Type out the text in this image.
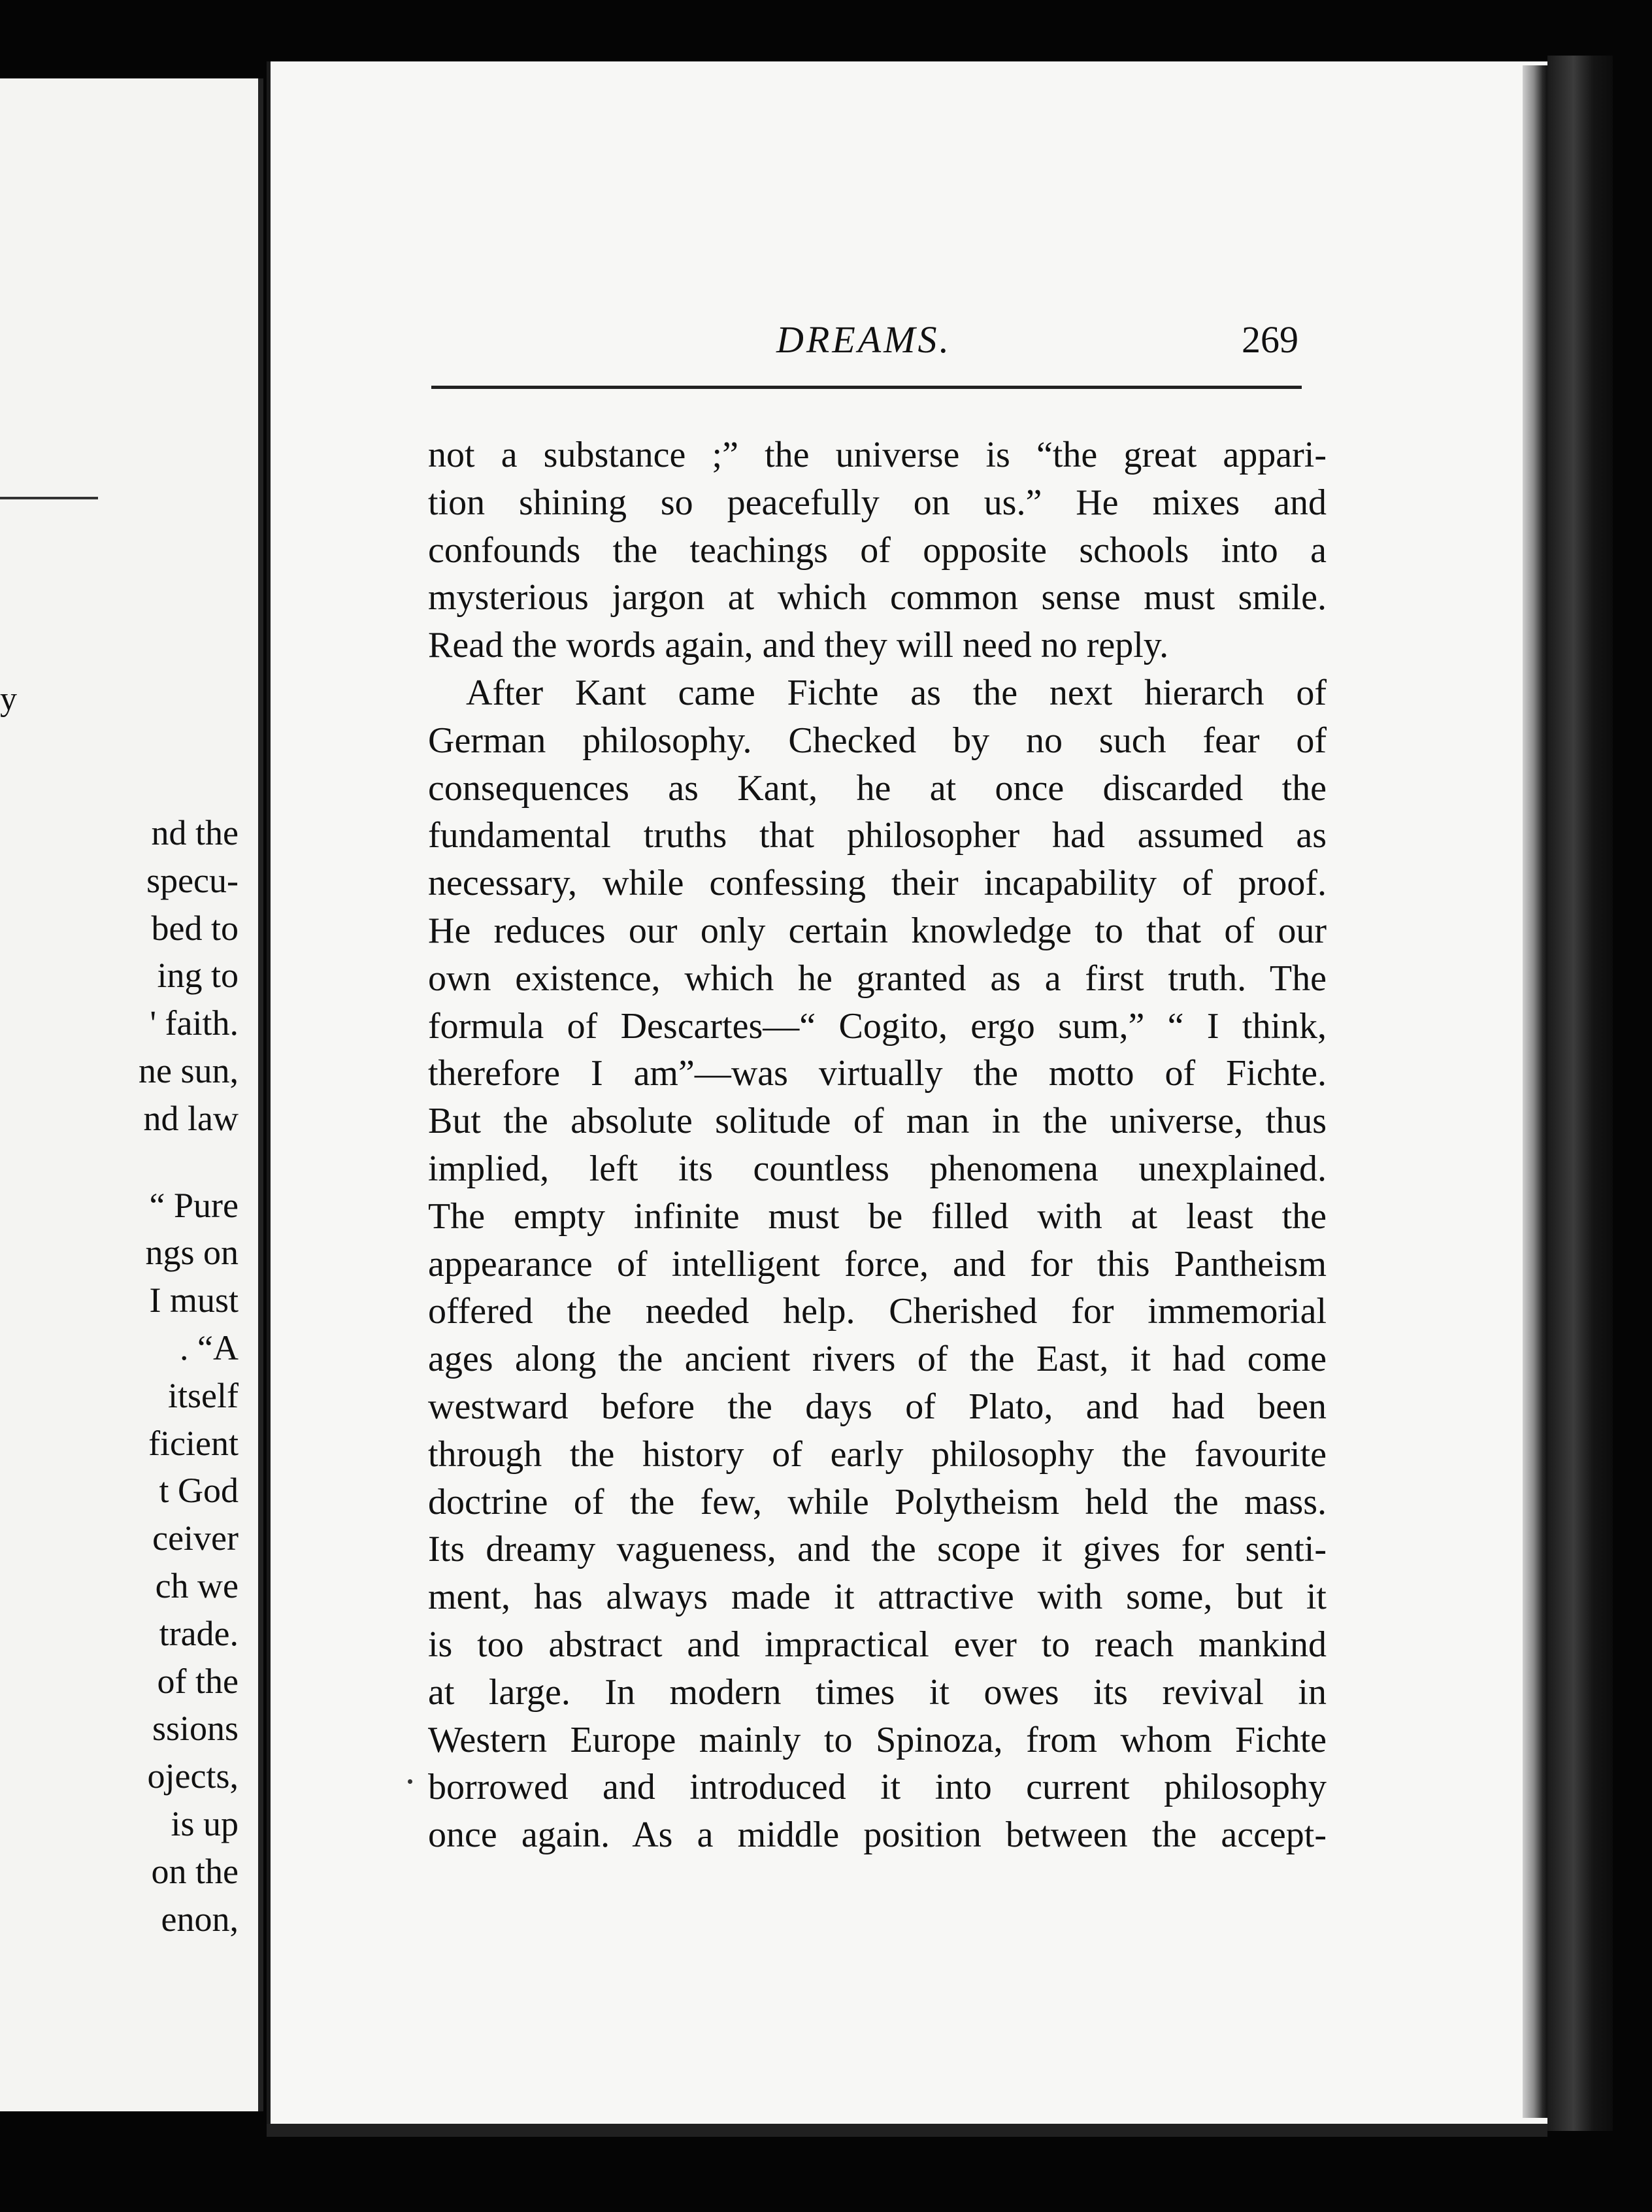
y
nd the
specu-
bed to
ing to
' faith.
ne sun,
nd law
“ Pure
ngs on
I must
. “A
itself
ficient
t God
ceiver
ch we
trade.
of the
ssions
ojects,
is up
on the
enon,
DREAMS.	269
not a substance ;” the universe is “the great appari-
tion shining so peacefully on us.” He mixes and
confounds the teachings of opposite schools into a
mysterious jargon at which common sense must smile.
Read the words again, and they will need no reply.
After Kant came Fichte as the next hierarch of
German philosophy. Checked by no such fear of
consequences as Kant, he at once discarded the
fundamental truths that philosopher had assumed as
necessary, while confessing their incapability of proof.
He reduces our only certain knowledge to that of our
own existence, which he granted as a first truth. The
formula of Descartes—“ Cogito, ergo sum,” “ I think,
therefore I am”—was virtually the motto of Fichte.
But the absolute solitude of man in the universe, thus
implied, left its countless phenomena unexplained.
The empty infinite must be filled with at least the
appearance of intelligent force, and for this Pantheism
offered the needed help. Cherished for immemorial
ages along the ancient rivers of the East, it had come
westward before the days of Plato, and had been
through the history of early philosophy the favourite
doctrine of the few, while Polytheism held the mass.
Its dreamy vagueness, and the scope it gives for senti-
ment, has always made it attractive with some, but it
is too abstract and impractical ever to reach mankind
at large. In modern times it owes its revival in
Western Europe mainly to Spinoza, from whom Fichte
borrowed and introduced it into current philosophy
once again. As a middle position between the accept-
